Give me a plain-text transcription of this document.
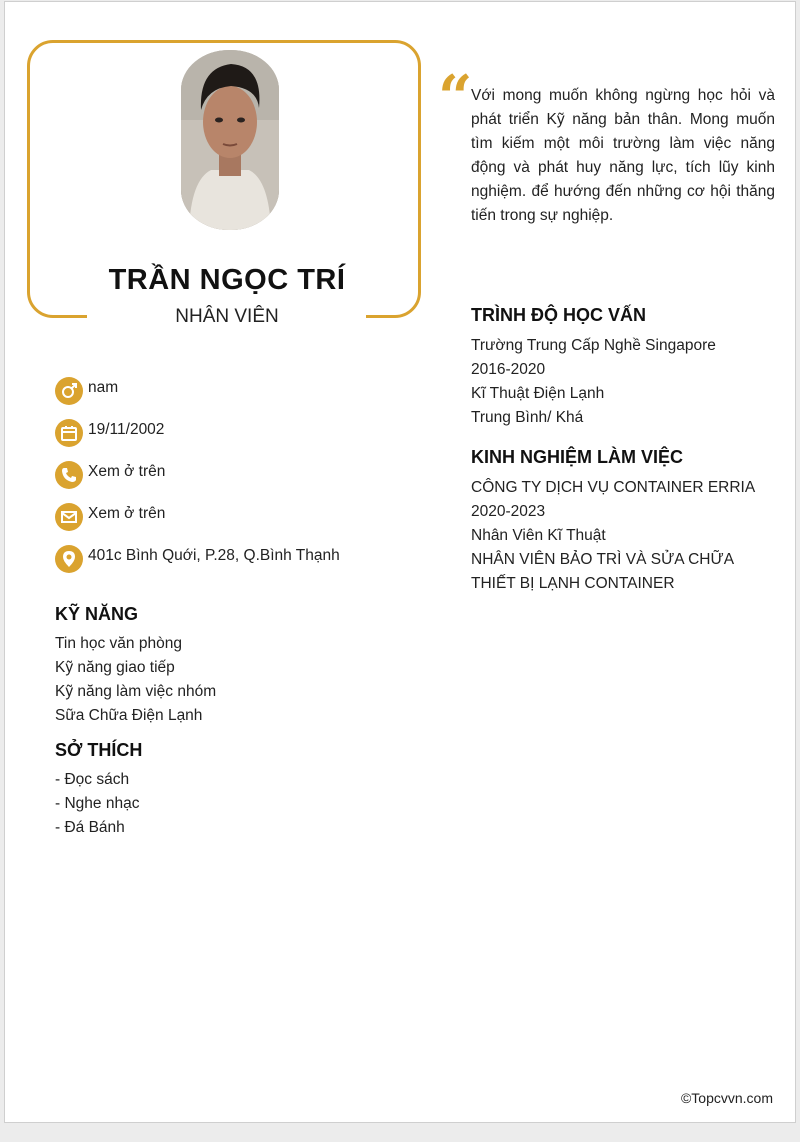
TRẦN NGỌC TRÍ
NHÂN VIÊN
“
Với mong muốn không ngừng học hỏi và phát triển Kỹ năng bản thân. Mong muốn tìm kiếm một môi trường làm việc năng động và phát huy năng lực, tích lũy kinh nghiệm. để hướng đến những cơ hội thăng tiến trong sự nghiệp.
nam
19/11/2002
Xem ở trên
Xem ở trên
401c Bình Quới, P.28, Q.Bình Thạnh
KỸ NĂNG
Tin học văn phòng
Kỹ năng giao tiếp
Kỹ năng làm việc nhóm
Sữa Chữa Điện Lạnh
SỞ THÍCH
- Đọc sách
- Nghe nhạc
- Đá Bánh
TRÌNH ĐỘ HỌC VẤN
Trường Trung Cấp Nghề Singapore
2016-2020
Kĩ Thuật Điện Lạnh
Trung Bình/ Khá
KINH NGHIỆM LÀM VIỆC
CÔNG TY DỊCH VỤ CONTAINER ERRIA
2020-2023
Nhân Viên Kĩ Thuật
NHÂN VIÊN BẢO TRÌ VÀ SỬA CHỮA THIẾT BỊ LẠNH CONTAINER
©Topcvvn.com
